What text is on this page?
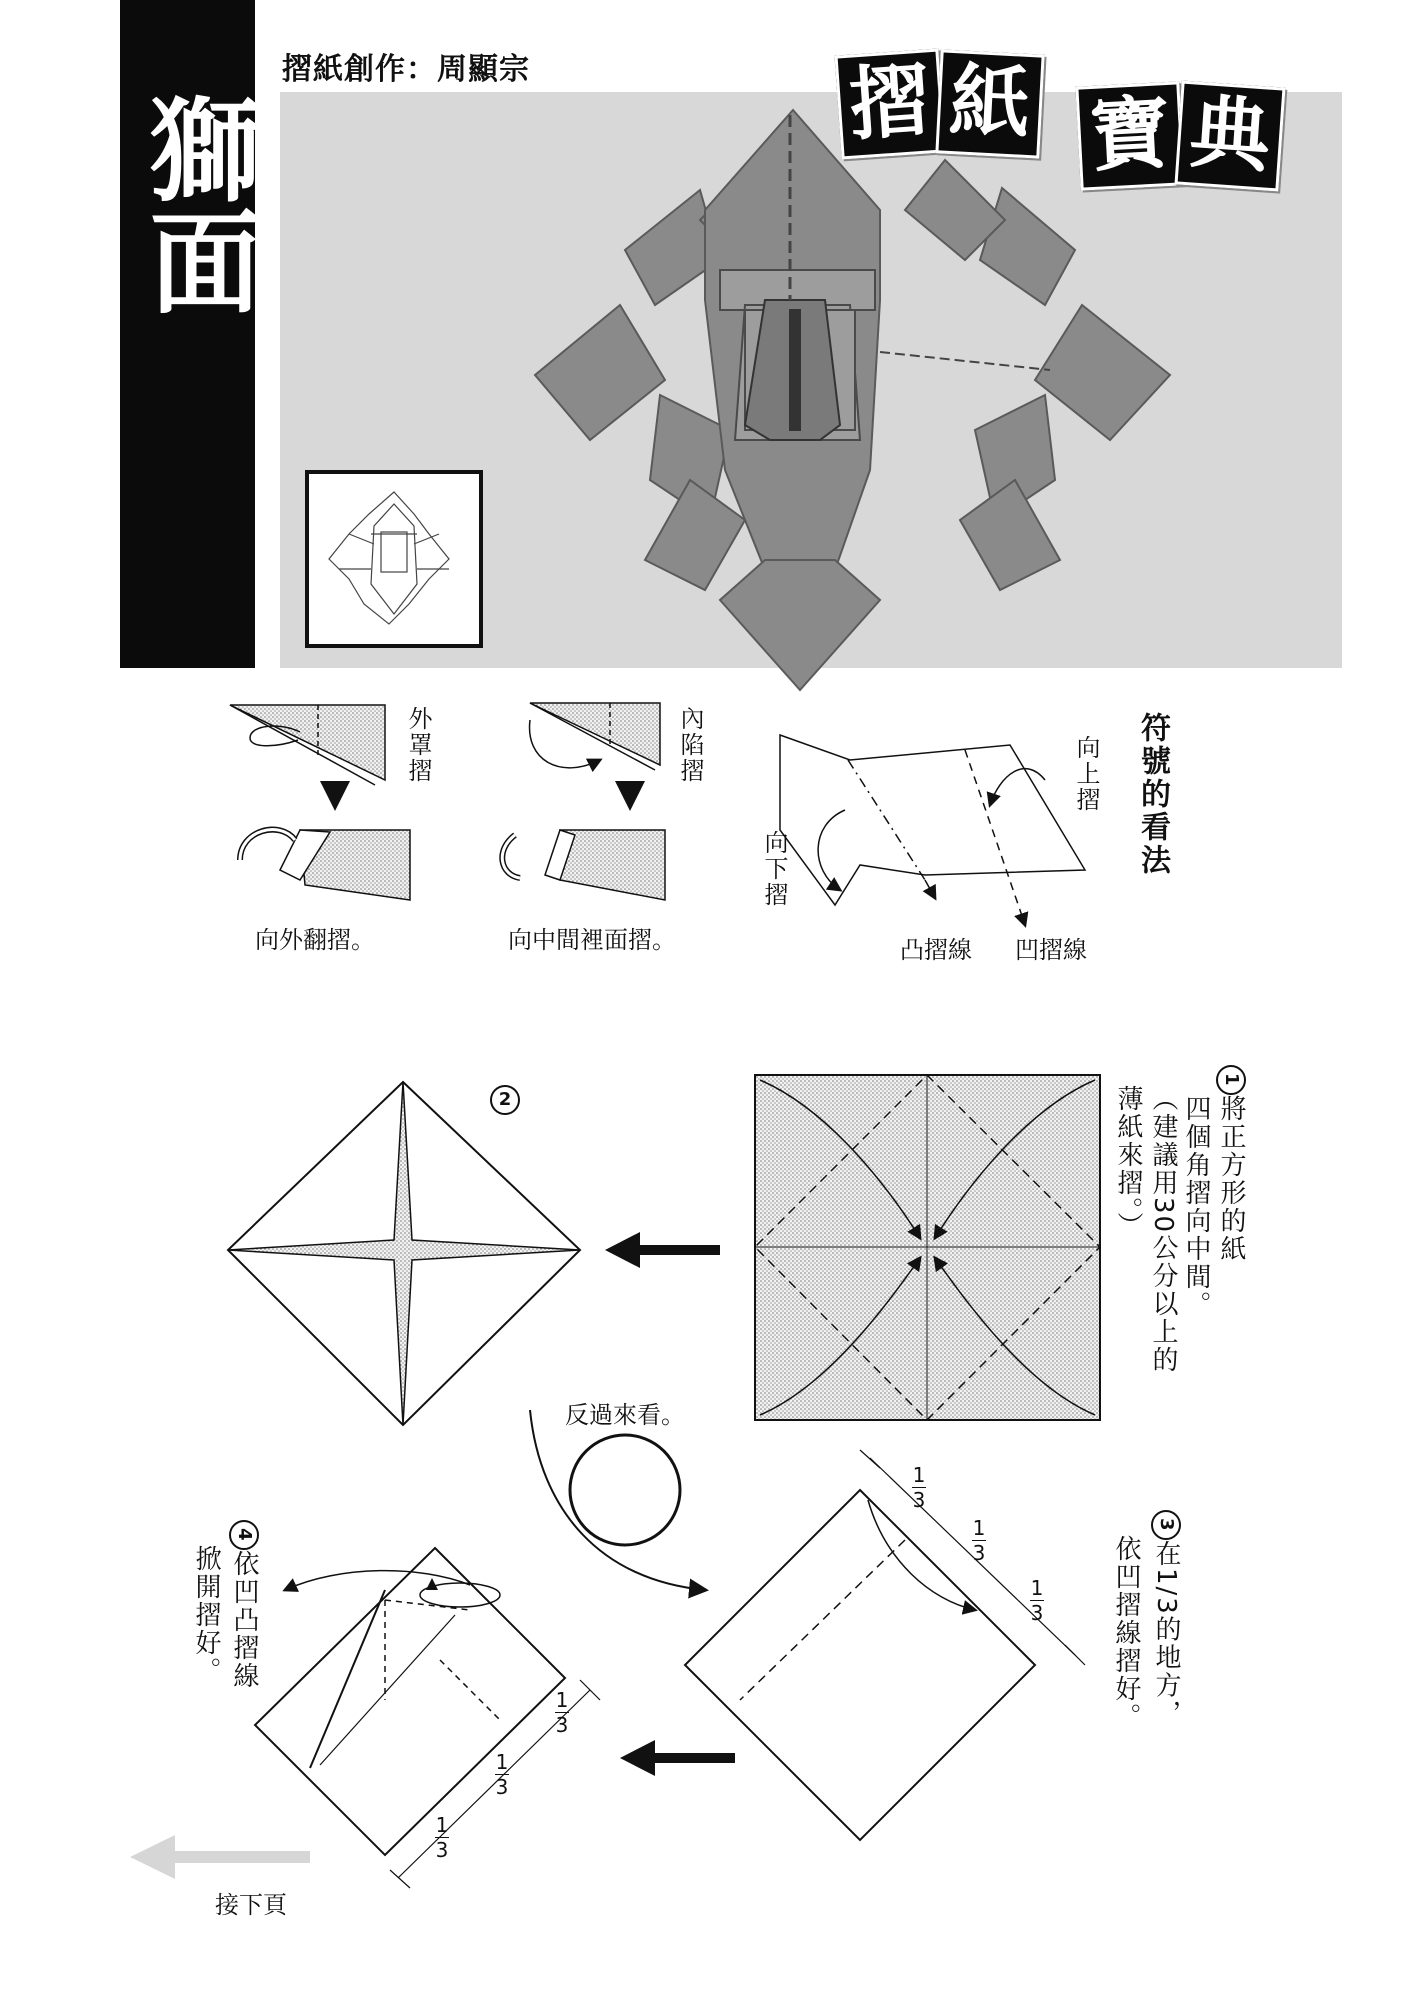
獅面
摺紙創作：周顯宗	摺 紙 寶 典
外罩摺
向外翻摺。
內陷摺
向中間裡面摺。
向上摺
向下摺
凸摺線 凹摺線
符號的看法
1將正方形的紙
四個角摺向中間。
（建議用30公分以上的
薄紙來摺。）
2
反過來看。
1
3
1
3
1
3
3在1/3的地方，
依凹摺線摺好。
1
3
1
3
1
3
4依凹凸摺線
掀開摺好。
接下頁
